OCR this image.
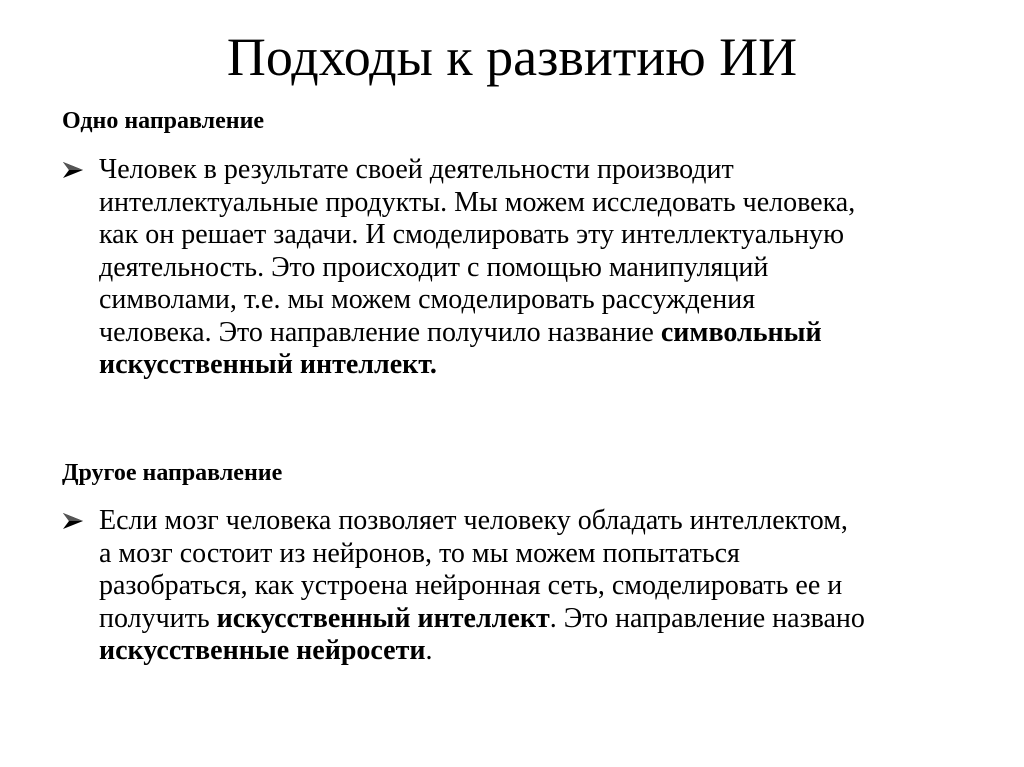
Подходы к развитию ИИ
Одно направление
Человек в результате своей деятельности производит
интеллектуальные продукты. Мы можем исследовать человека,
как он решает задачи. И смоделировать эту интеллектуальную
деятельность. Это происходит с помощью манипуляций
символами, т.е. мы можем смоделировать рассуждения
человека. Это направление получило название символьный
искусственный интеллект.
Другое направление
Если мозг человека позволяет человеку обладать интеллектом,
а мозг состоит из нейронов, то мы можем попытаться
разобраться, как устроена нейронная сеть, смоделировать ее и
получить искусственный интеллект. Это направление названо
искусственные нейросети.
